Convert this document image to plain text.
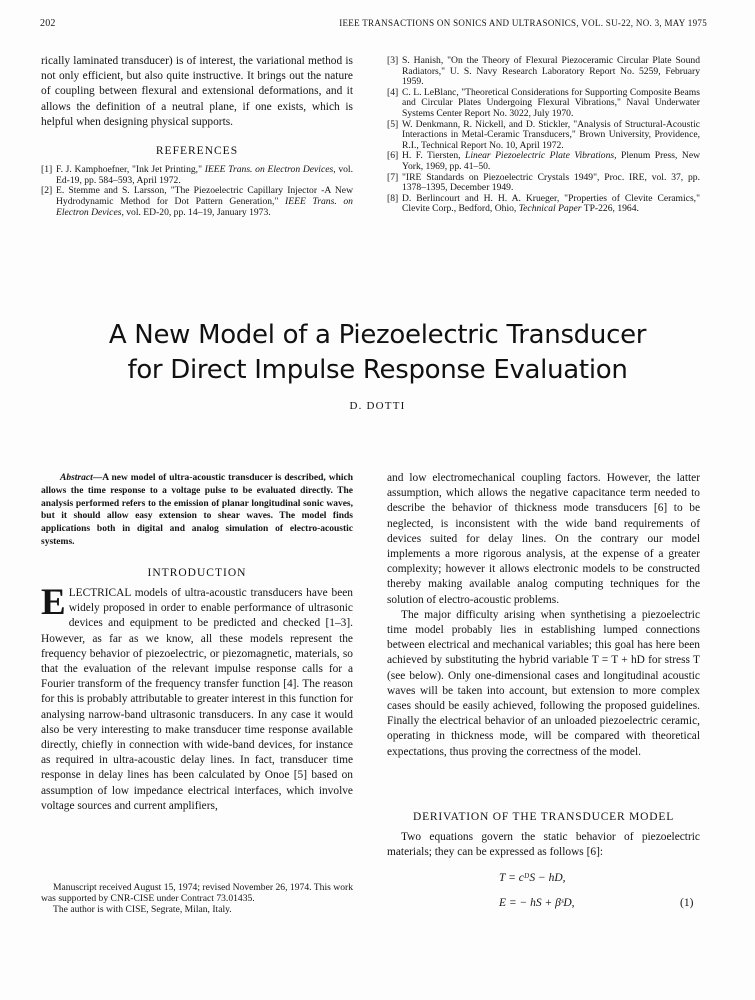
202	IEEE TRANSACTIONS ON SONICS AND ULTRASONICS, VOL. SU-22, NO. 3, MAY 1975

rically laminated transducer) is of interest, the variational method is not only efficient, but also quite instructive. It brings out the nature of coupling between flexural and extensional deformations, and it allows the definition of a neutral plane, if one exists, which is helpful when designing physical supports.

REFERENCES

[1] F. J. Kamphoefner, "Ink Jet Printing," IEEE Trans. on Electron Devices, vol. Ed-19, pp. 584–593, April 1972.

[2] E. Stemme and S. Larsson, "The Piezoelectric Capillary Injector -A New Hydrodynamic Method for Dot Pattern Generation," IEEE Trans. on Electron Devices, vol. ED-20, pp. 14–19, January 1973.

[3] S. Hanish, "On the Theory of Flexural Piezoceramic Circular Plate Sound Radiators," U. S. Navy Research Laboratory Report No. 5259, February 1959.

[4] C. L. LeBlanc, "Theoretical Considerations for Supporting Composite Beams and Circular Plates Undergoing Flexural Vibrations," Naval Underwater Systems Center Report No. 3022, July 1970.

[5] W. Denkmann, R. Nickell, and D. Stickler, "Analysis of Structural-Acoustic Interactions in Metal-Ceramic Transducers," Brown University, Providence, R.I., Technical Report No. 10, April 1972.

[6] H. F. Tiersten, Linear Piezoelectric Plate Vibrations, Plenum Press, New York, 1969, pp. 41–50.

[7] "IRE Standards on Piezoelectric Crystals 1949", Proc. IRE, vol. 37, pp. 1378–1395, December 1949.

[8] D. Berlincourt and H. H. A. Krueger, "Properties of Clevite Ceramics," Clevite Corp., Bedford, Ohio, Technical Paper TP-226, 1964.

A New Model of a Piezoelectric Transducer
for Direct Impulse Response Evaluation
D. DOTTI
Abstract—A new model of ultra-acoustic transducer is described, which allows the time response to a voltage pulse to be evaluated directly. The analysis performed refers to the emission of planar longitudinal sonic waves, but it should allow easy extension to shear waves. The model finds applications both in digital and analog simulation of electro-acoustic systems.
INTRODUCTION

ELECTRICAL models of ultra-acoustic transducers have been widely proposed in order to enable performance of ultrasonic devices and equipment to be predicted and checked [1–3]. However, as far as we know, all these models represent the frequency behavior of piezoelectric, or piezomagnetic, materials, so that the evaluation of the relevant impulse response calls for a Fourier transform of the frequency transfer function [4]. The reason for this is probably attributable to greater interest in this function for analysing narrow-band ultrasonic transducers. In any case it would also be very interesting to make transducer time response available directly, chiefly in connection with wide-band devices, for instance as required in ultra-acoustic delay lines. In fact, transducer time response in delay lines has been calculated by Onoe [5] based on assumption of low impedance electrical interfaces, which involve voltage sources and current amplifiers,

Manuscript received August 15, 1974; revised November 26, 1974. This work was supported by CNR-CISE under Contract 73.01435.

The author is with CISE, Segrate, Milan, Italy.

and low electromechanical coupling factors. However, the latter assumption, which allows the negative capacitance term needed to describe the behavior of thickness mode transducers [6] to be neglected, is inconsistent with the wide band requirements of devices suited for delay lines. On the contrary our model implements a more rigorous analysis, at the expense of a greater complexity; however it allows electronic models to be constructed thereby making available analog computing techniques for the solution of electro-acoustic problems.

The major difficulty arising when synthetising a piezoelectric time model probably lies in establishing lumped connections between electrical and mechanical variables; this goal has here been achieved by substituting the hybrid variable T = T + hD for stress T (see below). Only one-dimensional cases and longitudinal acoustic waves will be taken into account, but extension to more complex cases should be easily achieved, following the proposed guidelines. Finally the electrical behavior of an unloaded piezoelectric ceramic, operating in thickness mode, will be compared with theoretical expectations, thus proving the correctness of the model.

DERIVATION OF THE TRANSDUCER MODEL

Two equations govern the static behavior of piezoelectric materials; they can be expressed as follows [6]:

T = cᴰS − hD,
E = − hS + βˢD,	(1)
